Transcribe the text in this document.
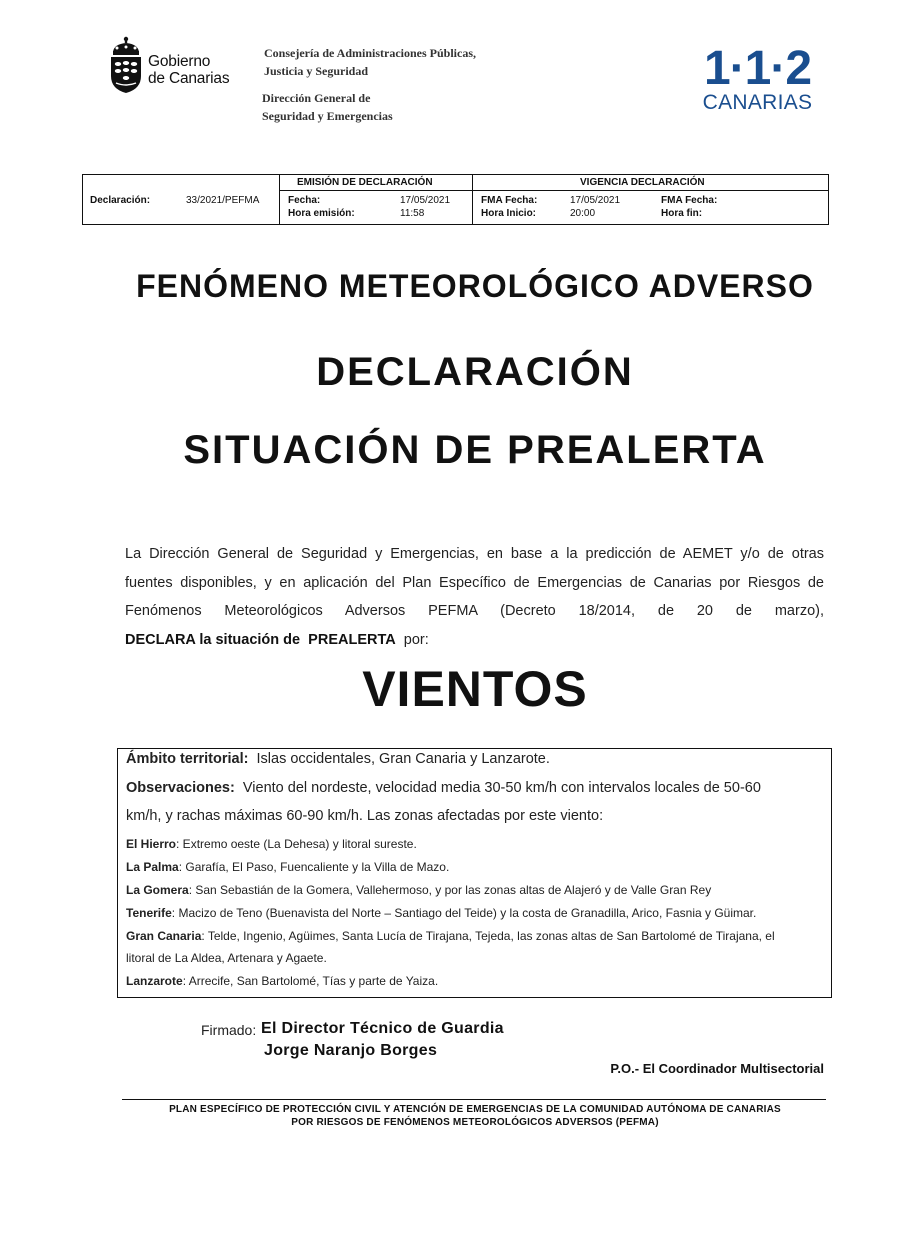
Gobierno
de Canarias
Consejería de Administraciones Públicas,
Justicia y Seguridad
Dirección General de
Seguridad y Emergencias
1·1·2
CANARIAS
Declaración:	33/2021/PEFMA
EMISIÓN DE DECLARACIÓN
Fecha:	17/05/2021
Hora emisión:	11:58
VIGENCIA DECLARACIÓN
FMA Fecha:	17/05/2021
Hora Inicio:	20:00
FMA Fecha:
Hora fin:
FENÓMENO METEOROLÓGICO ADVERSO
DECLARACIÓN
SITUACIÓN DE PREALERTA
La Dirección General de Seguridad y Emergencias, en base a la predicción de AEMET y/o de otras
fuentes disponibles, y en aplicación del Plan Específico de Emergencias de Canarias por Riesgos de
Fenómenos Meteorológicos Adversos PEFMA (Decreto 18/2014, de 20 de marzo),
DECLARA la situación de PREALERTA por:
VIENTOS
Ámbito territorial: Islas occidentales, Gran Canaria y Lanzarote.
Observaciones: Viento del nordeste, velocidad media 30-50 km/h con intervalos locales de 50-60
km/h, y rachas máximas 60-90 km/h. Las zonas afectadas por este viento:
El Hierro: Extremo oeste (La Dehesa) y litoral sureste.
La Palma: Garafía, El Paso, Fuencaliente y la Villa de Mazo.
La Gomera: San Sebastián de la Gomera, Vallehermoso, y por las zonas altas de Alajeró y de Valle Gran Rey
Tenerife: Macizo de Teno (Buenavista del Norte – Santiago del Teide) y la costa de Granadilla, Arico, Fasnia y Güimar.
Gran Canaria: Telde, Ingenio, Agüimes, Santa Lucía de Tirajana, Tejeda, las zonas altas de San Bartolomé de Tirajana, el
litoral de La Aldea, Artenara y Agaete.
Lanzarote: Arrecife, San Bartolomé, Tías y parte de Yaiza.
Firmado: El Director Técnico de Guardia
Jorge Naranjo Borges
P.O.- El Coordinador Multisectorial
PLAN ESPECÍFICO DE PROTECCIÓN CIVIL Y ATENCIÓN DE EMERGENCIAS DE LA COMUNIDAD AUTÓNOMA DE CANARIAS
POR RIESGOS DE FENÓMENOS METEOROLÓGICOS ADVERSOS (PEFMA)
